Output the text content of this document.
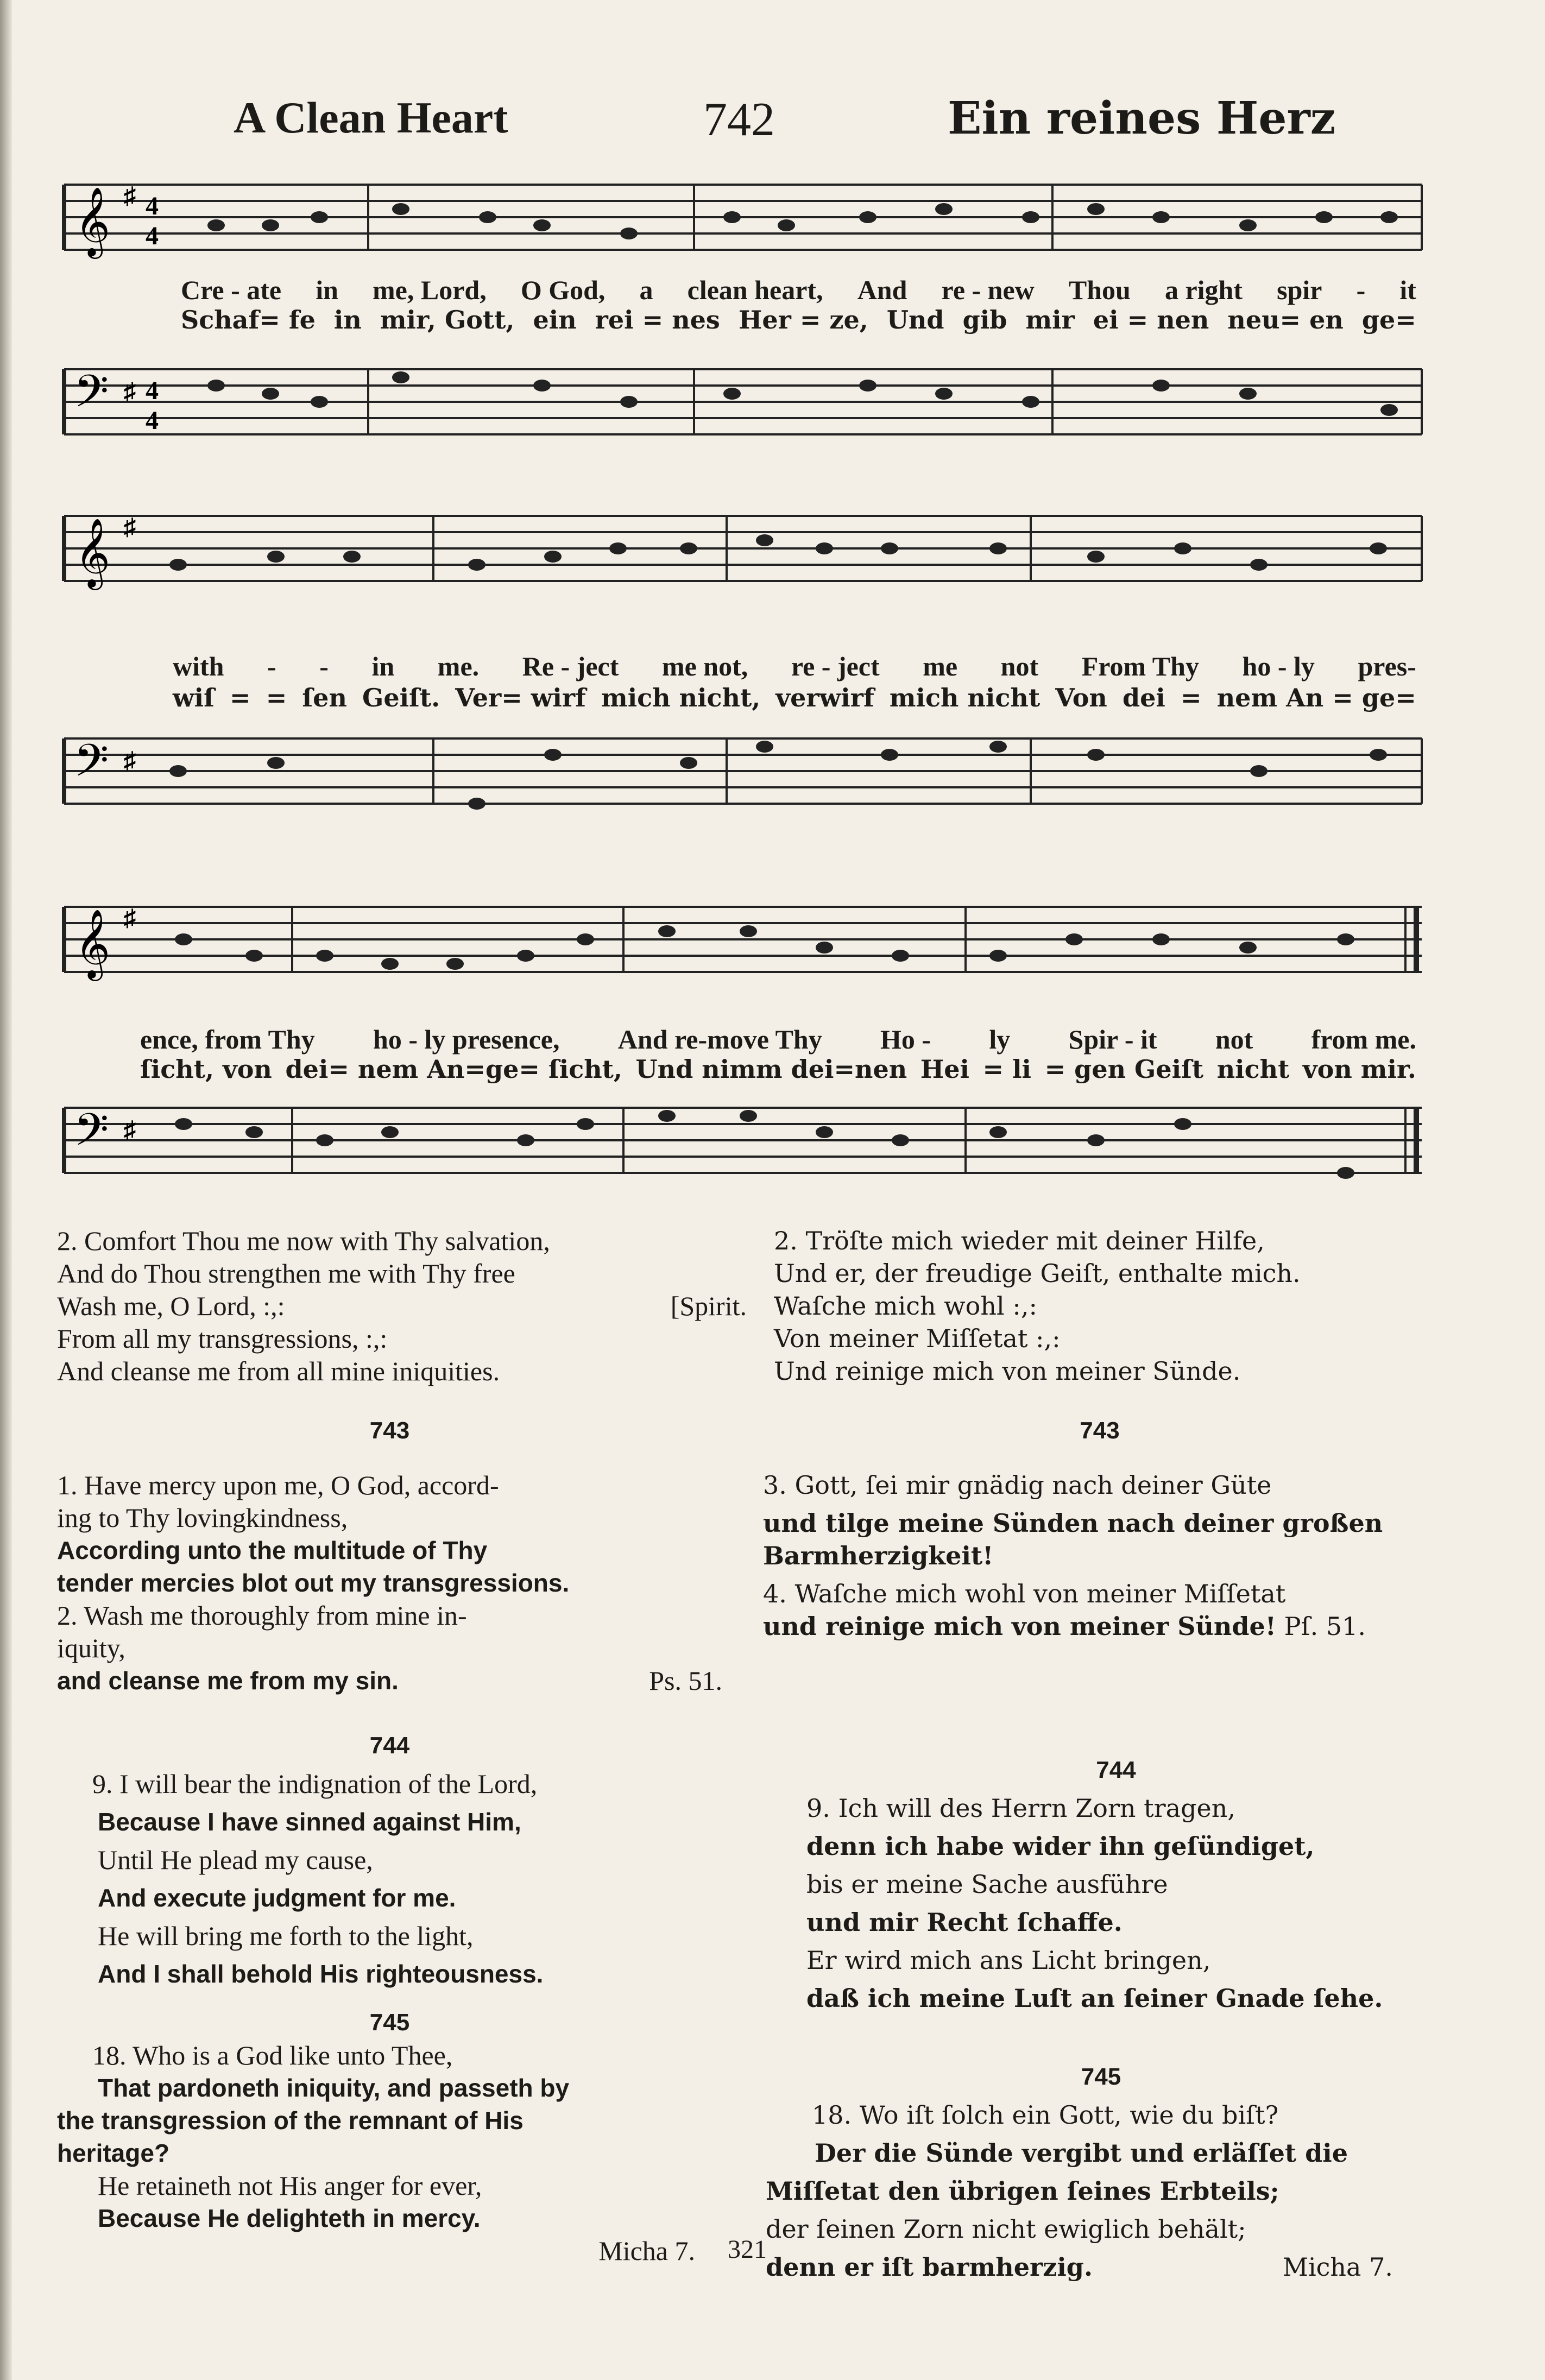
A Clean Heart	742	Ein reines Herz
𝄞 ♯ 4
4
Cre - ate in me, Lord, O God, a clean heart, And re - new Thou a right spir - it
Schaf= fe in mir, Gott, ein rei = nes Her = ze, Und gib mir ei = nen neu= en ge=
𝄢 ♯ 4
4
𝄞 ♯
with - - in me. Re - ject me not, re - ject me not From Thy ho - ly pres-
wiſ = = ſen Geiſt. Ver= wirf mich nicht, verwirf mich nicht Von dei = nem An = ge=
𝄢 ♯
𝄞 ♯
ence, from Thy ho - ly presence, And re-move Thy Ho - ly Spir - it not from me.
ſicht, von dei= nem An=ge= ſicht, Und nimm dei=nen Hei = li = gen Geiſt nicht von mir.
𝄢 ♯
2. Comfort Thou me now with Thy salvation,
And do Thou strengthen me with Thy free
Wash me, O Lord, :,:	[Spirit.
From all my transgressions, :,:
And cleanse me from all mine iniquities.
2. Tröſte mich wieder mit deiner Hilfe,
Und er, der freudige Geiſt, enthalte mich.
Waſche mich wohl :,:
Von meiner Miſſetat :,:
Und reinige mich von meiner Sünde.
743
1. Have mercy upon me, O God, accord-
ing to Thy lovingkindness,
According unto the multitude of Thy
tender mercies blot out my transgressions.
2. Wash me thoroughly from mine in-
iquity,
and cleanse me from my sin.	Ps. 51.
743
3. Gott, ſei mir gnädig nach deiner Güte
und tilge meine Sünden nach deiner großen
Barmherzigkeit!
4. Waſche mich wohl von meiner Miſſetat
und reinige mich von meiner Sünde! Pſ. 51.
744
9. I will bear the indignation of the Lord,
Because I have sinned against Him,
Until He plead my cause,
And execute judgment for me.
He will bring me forth to the light,
And I shall behold His righteousness.
744
9. Ich will des Herrn Zorn tragen,
denn ich habe wider ihn geſündiget,
bis er meine Sache ausführe
und mir Recht ſchaffe.
Er wird mich ans Licht bringen,
daß ich meine Luſt an ſeiner Gnade ſehe.
745
18. Who is a God like unto Thee,
That pardoneth iniquity, and passeth by
the transgression of the remnant of His
heritage?
He retaineth not His anger for ever,
Because He delighteth in mercy.
Micha 7.
745
18. Wo iſt ſolch ein Gott, wie du biſt?
Der die Sünde vergibt und erläſſet die
Miſſetat den übrigen ſeines Erbteils;
der ſeinen Zorn nicht ewiglich behält;
denn er iſt barmherzig.	Micha 7.
321
